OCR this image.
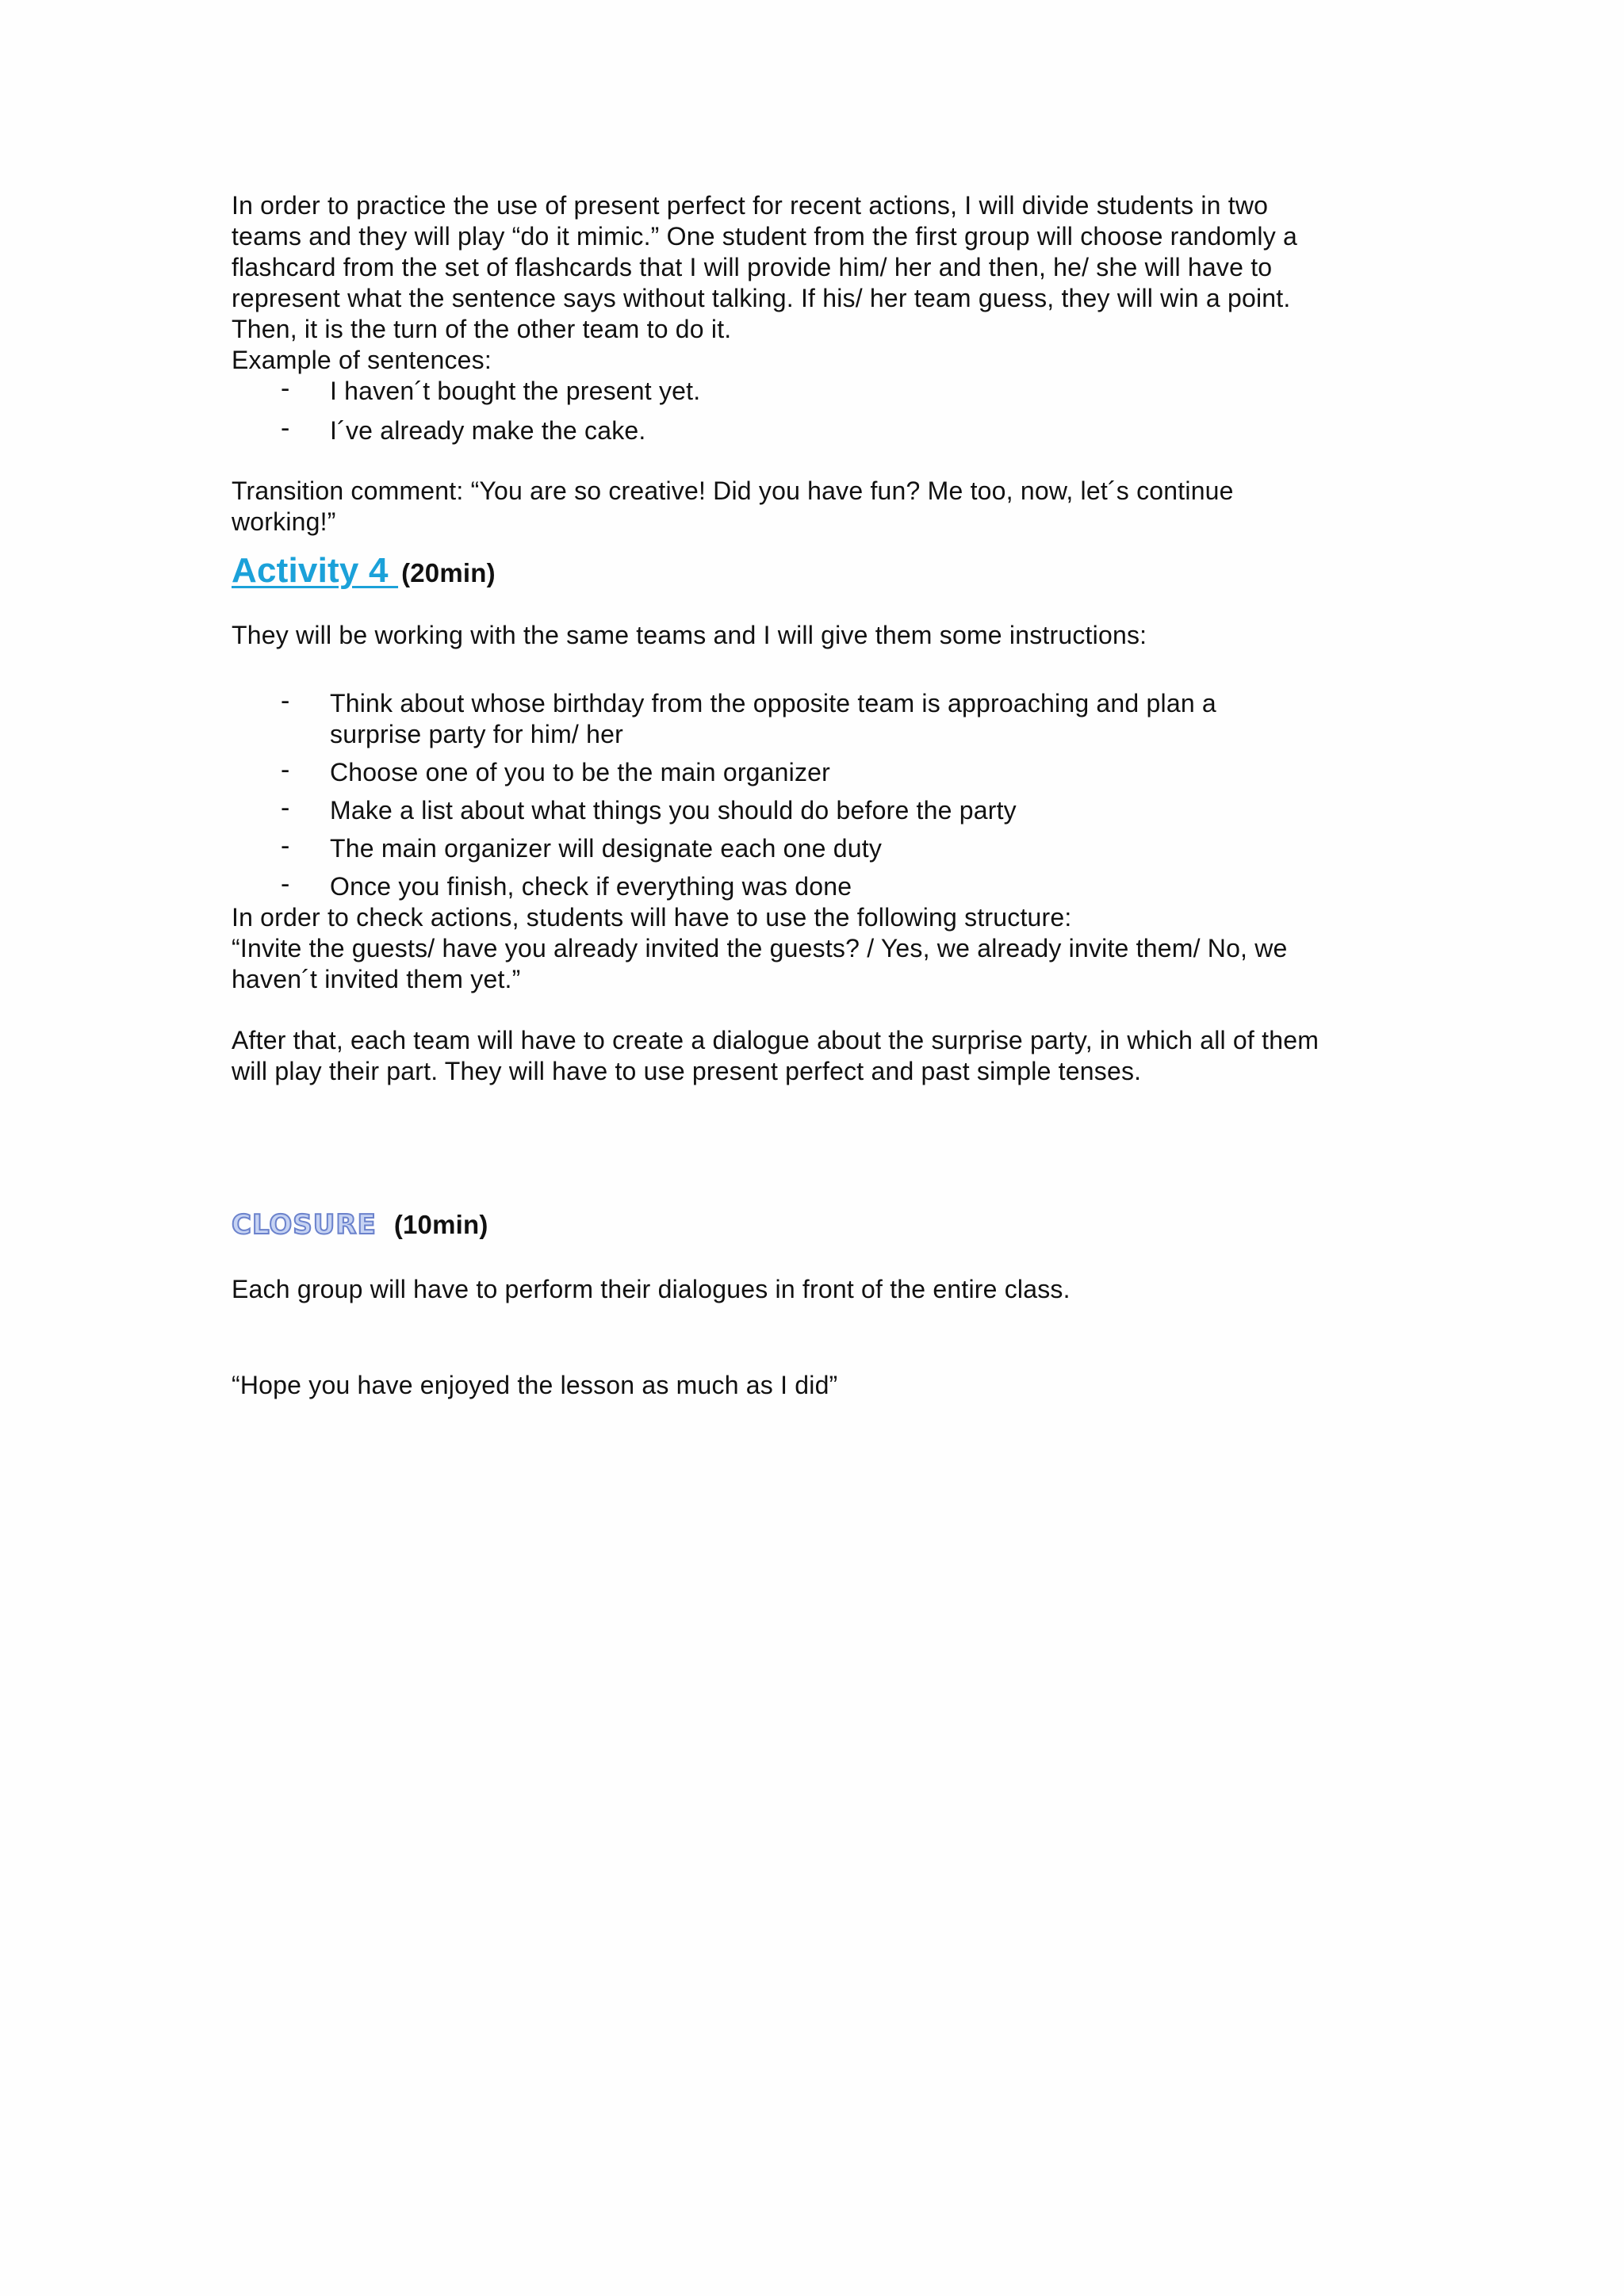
In order to practice the use of present perfect for recent actions, I will divide students in two

teams and they will play “do it mimic.” One student from the first group will choose randomly a

flashcard from the set of flashcards that I will provide him/ her and then, he/ she will have to

represent what the sentence says without talking. If his/ her team guess, they will win a point.

Then, it is the turn of the other team to do it.

Example of sentences:

- I haven´t bought the present yet.
- I´ve already make the cake.

Transition comment: “You are so creative! Did you have fun? Me too, now, let´s continue

working!”

Activity 4 (20min)

They will be working with the same teams and I will give them some instructions:

- Think about whose birthday from the opposite team is approaching and plan a surprise party for him/ her
- Choose one of you to be the main organizer
- Make a list about what things you should do before the party
- The main organizer will designate each one duty
- Once you finish, check if everything was done

In order to check actions, students will have to use the following structure:

“Invite the guests/ have you already invited the guests? / Yes, we already invite them/ No, we

haven´t invited them yet.”

After that, each team will have to create a dialogue about the surprise party, in which all of them

will play their part. They will have to use present perfect and past simple tenses.

CLOSURE (10min)

Each group will have to perform their dialogues in front of the entire class.

“Hope you have enjoyed the lesson as much as I did”
